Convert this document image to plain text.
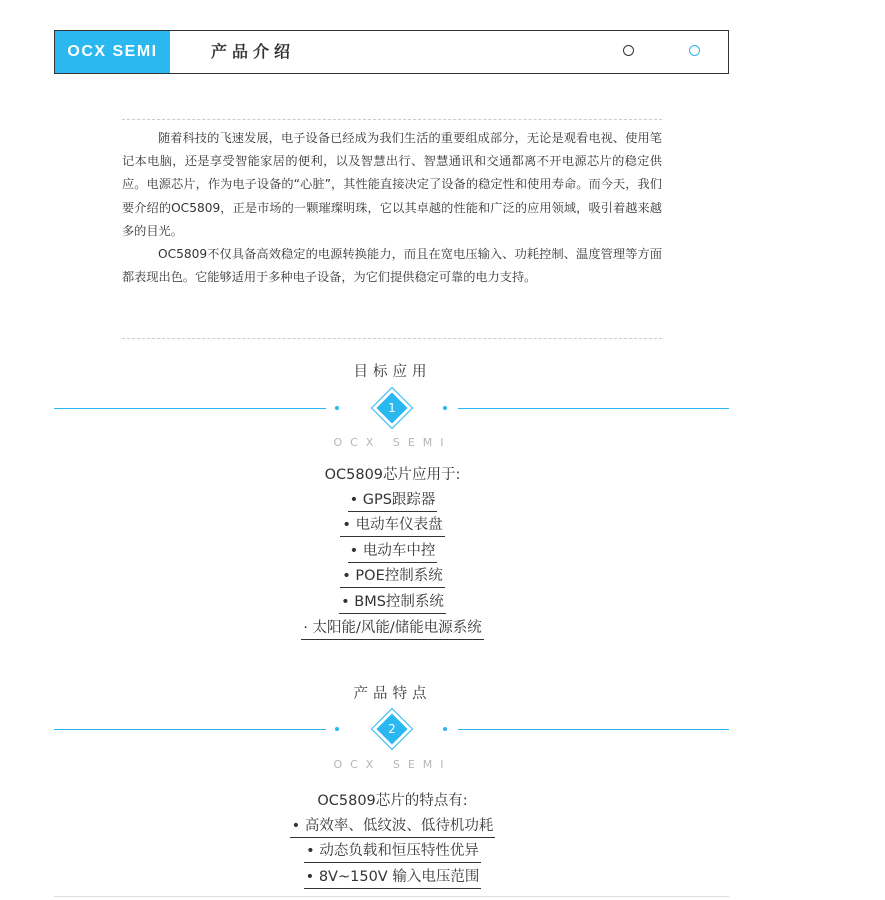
OCX SEMI	产品介绍

随着科技的飞速发展，电子设备已经成为我们生活的重要组成部分，无论是观看电视、使用笔记本电脑，还是享受智能家居的便利，以及智慧出行、智慧通讯和交通都离不开电源芯片的稳定供应。电源芯片，作为电子设备的“心脏”，其性能直接决定了设备的稳定性和使用寿命。而今天，我们要介绍的OC5809，正是市场的一颗璀璨明珠，它以其卓越的性能和广泛的应用领域，吸引着越来越多的目光。

OC5809不仅具备高效稳定的电源转换能力，而且在宽电压输入、功耗控制、温度管理等方面都表现出色。它能够适用于多种电子设备，为它们提供稳定可靠的电力支持。

目标应用
1
OCX SEMI
OC5809芯片应用于:
• GPS跟踪器
• 电动车仪表盘
• 电动车中控
• POE控制系统
• BMS控制系统
· 太阳能/风能/储能电源系统
产品特点
2
OCX SEMI
OC5809芯片的特点有:
• 高效率、低纹波、低待机功耗
• 动态负载和恒压特性优异
• 8V~150V 输入电压范围
